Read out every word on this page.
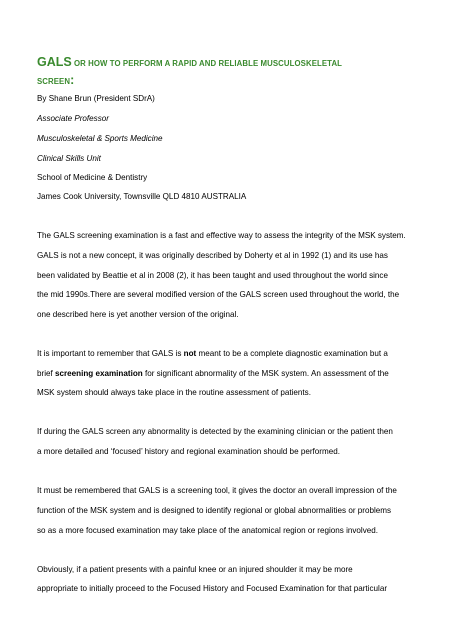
GALS OR HOW TO PERFORM A RAPID AND RELIABLE MUSCULOSKELETAL
SCREEN:
By Shane Brun (President SDrA)
Associate Professor
Musculoskeletal & Sports Medicine
Clinical Skills Unit
School of Medicine & Dentistry
James Cook University, Townsville QLD 4810 AUSTRALIA
The GALS screening examination is a fast and effective way to assess the integrity of the MSK system.
GALS is not a new concept, it was originally described by Doherty et al in 1992 (1) and its use has
been validated by Beattie et al in 2008 (2), it has been taught and used throughout the world since
the mid 1990s.There are several modified version of the GALS screen used throughout the world, the
one described here is yet another version of the original.
It is important to remember that GALS is not meant to be a complete diagnostic examination but a
brief screening examination for significant abnormality of the MSK system. An assessment of the
MSK system should always take place in the routine assessment of patients.
If during the GALS screen any abnormality is detected by the examining clinician or the patient then
a more detailed and ‘focused’ history and regional examination should be performed.
It must be remembered that GALS is a screening tool, it gives the doctor an overall impression of the
function of the MSK system and is designed to identify regional or global abnormalities or problems
so as a more focused examination may take place of the anatomical region or regions involved.
Obviously, if a patient presents with a painful knee or an injured shoulder it may be more
appropriate to initially proceed to the Focused History and Focused Examination for that particular
